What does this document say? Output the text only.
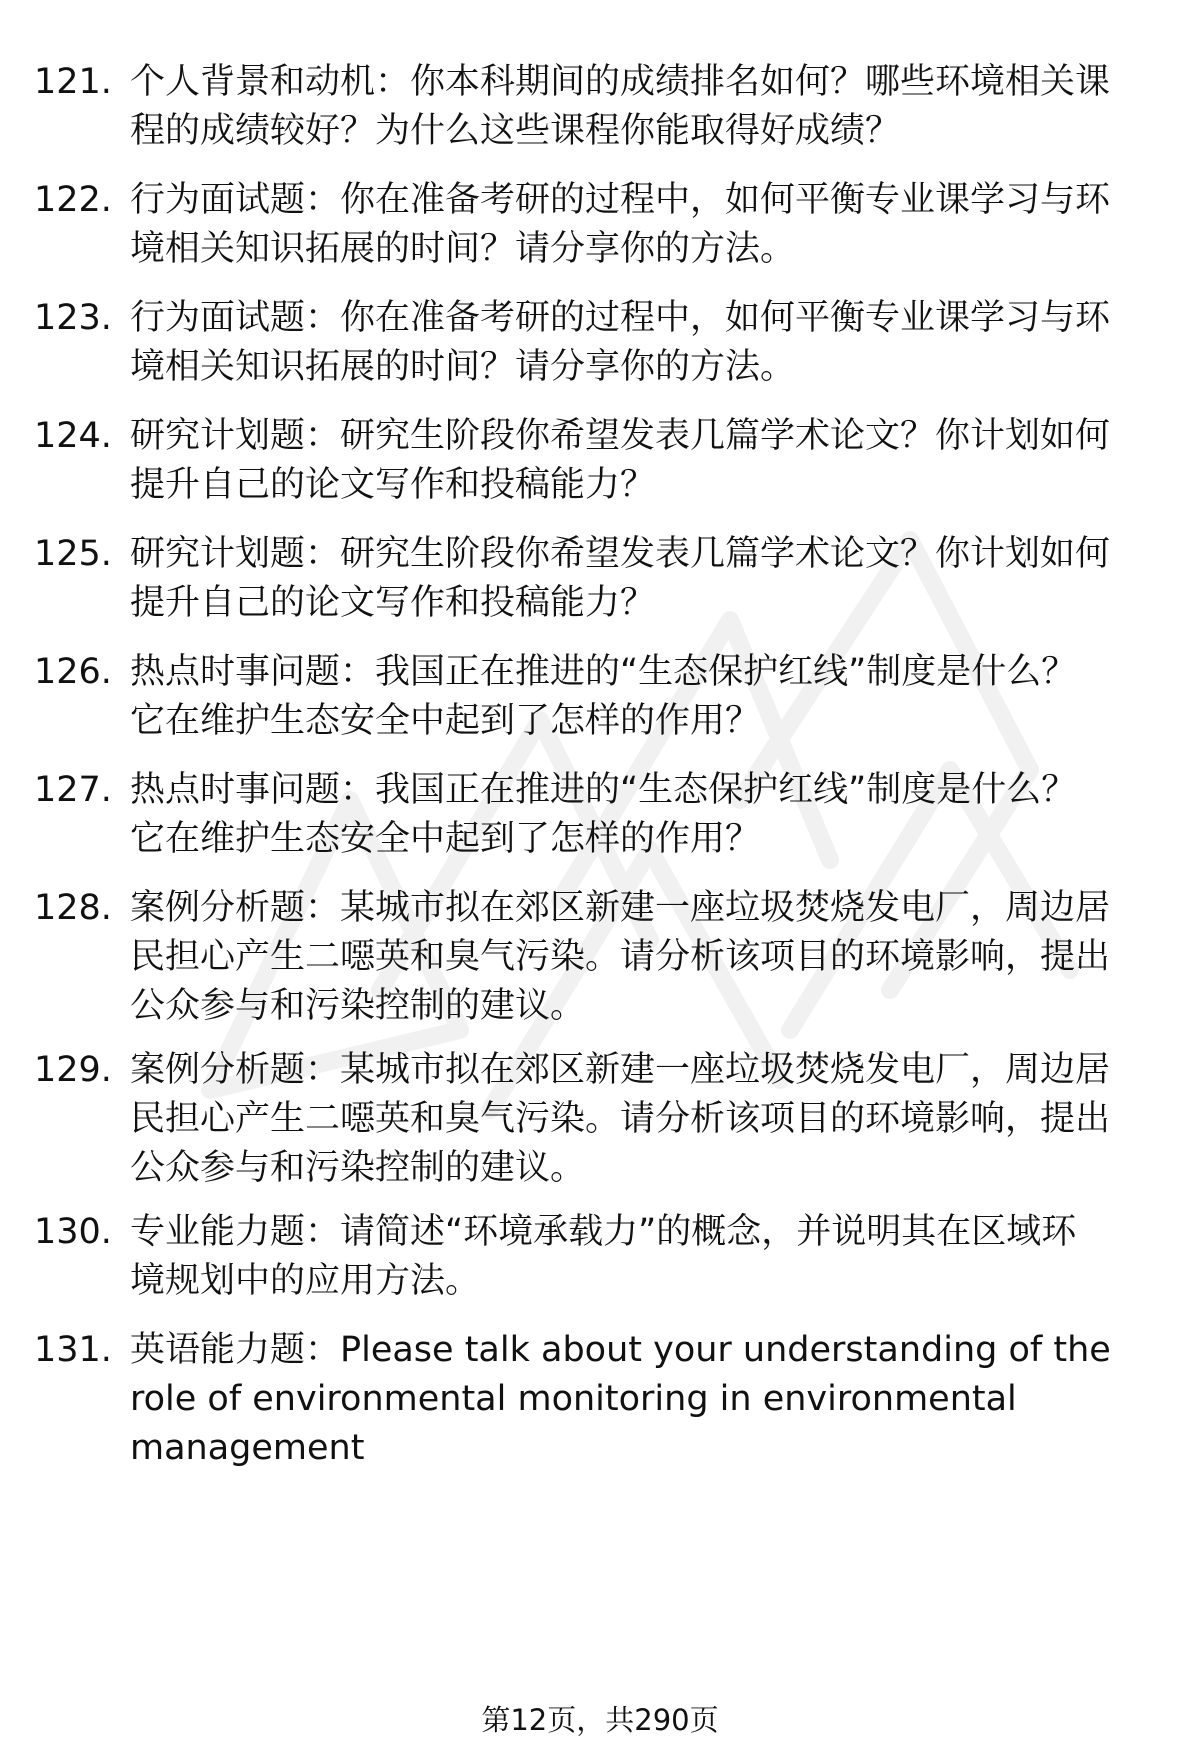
121. 个人背景和动机：你本科期间的成绩排名如何？哪些环境相关课
程的成绩较好？为什么这些课程你能取得好成绩？
122. 行为面试题：你在准备考研的过程中，如何平衡专业课学习与环
境相关知识拓展的时间？请分享你的方法。
123. 行为面试题：你在准备考研的过程中，如何平衡专业课学习与环
境相关知识拓展的时间？请分享你的方法。
124. 研究计划题：研究生阶段你希望发表几篇学术论文？你计划如何
提升自己的论文写作和投稿能力？
125. 研究计划题：研究生阶段你希望发表几篇学术论文？你计划如何
提升自己的论文写作和投稿能力？
126. 热点时事问题：我国正在推进的“生态保护红线”制度是什么？
它在维护生态安全中起到了怎样的作用？
127. 热点时事问题：我国正在推进的“生态保护红线”制度是什么？
它在维护生态安全中起到了怎样的作用？
128. 案例分析题：某城市拟在郊区新建一座垃圾焚烧发电厂，周边居
民担心产生二噁英和臭气污染。请分析该项目的环境影响，提出
公众参与和污染控制的建议。
129. 案例分析题：某城市拟在郊区新建一座垃圾焚烧发电厂，周边居
民担心产生二噁英和臭气污染。请分析该项目的环境影响，提出
公众参与和污染控制的建议。
130. 专业能力题：请简述“环境承载力”的概念，并说明其在区域环
境规划中的应用方法。
131. 英语能力题：Please talk about your understanding of the
role of environmental monitoring in environmental
management
第12页，共290页
